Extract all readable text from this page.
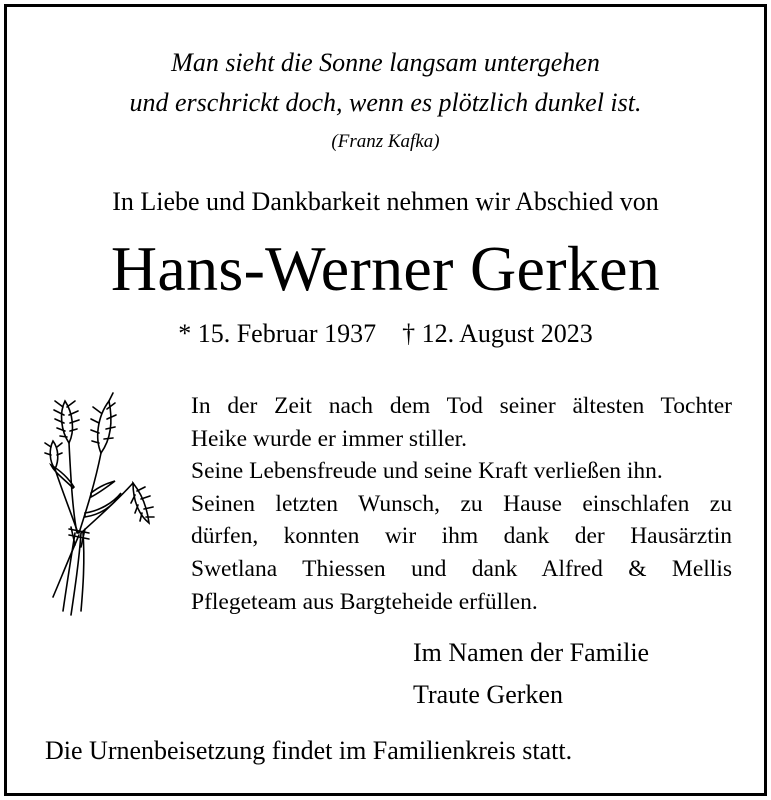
Man sieht die Sonne langsam untergehen
und erschrickt doch, wenn es plötzlich dunkel ist.
(Franz Kafka)
In Liebe und Dankbarkeit nehmen wir Abschied von
Hans-Werner Gerken
* 15. Februar 1937 † 12. August 2023

In der Zeit nach dem Tod seiner ältesten Tochter

Heike wurde er immer stiller.

Seine Lebensfreude und seine Kraft verließen ihn.

Seinen letzten Wunsch, zu Hause einschlafen zu

dürfen, konnten wir ihm dank der Hausärztin

Swetlana Thiessen und dank Alfred & Mellis

Pflegeteam aus Bargteheide erfüllen.

Im Namen der Familie
Traute Gerken
Die Urnenbeisetzung findet im Familienkreis statt.
